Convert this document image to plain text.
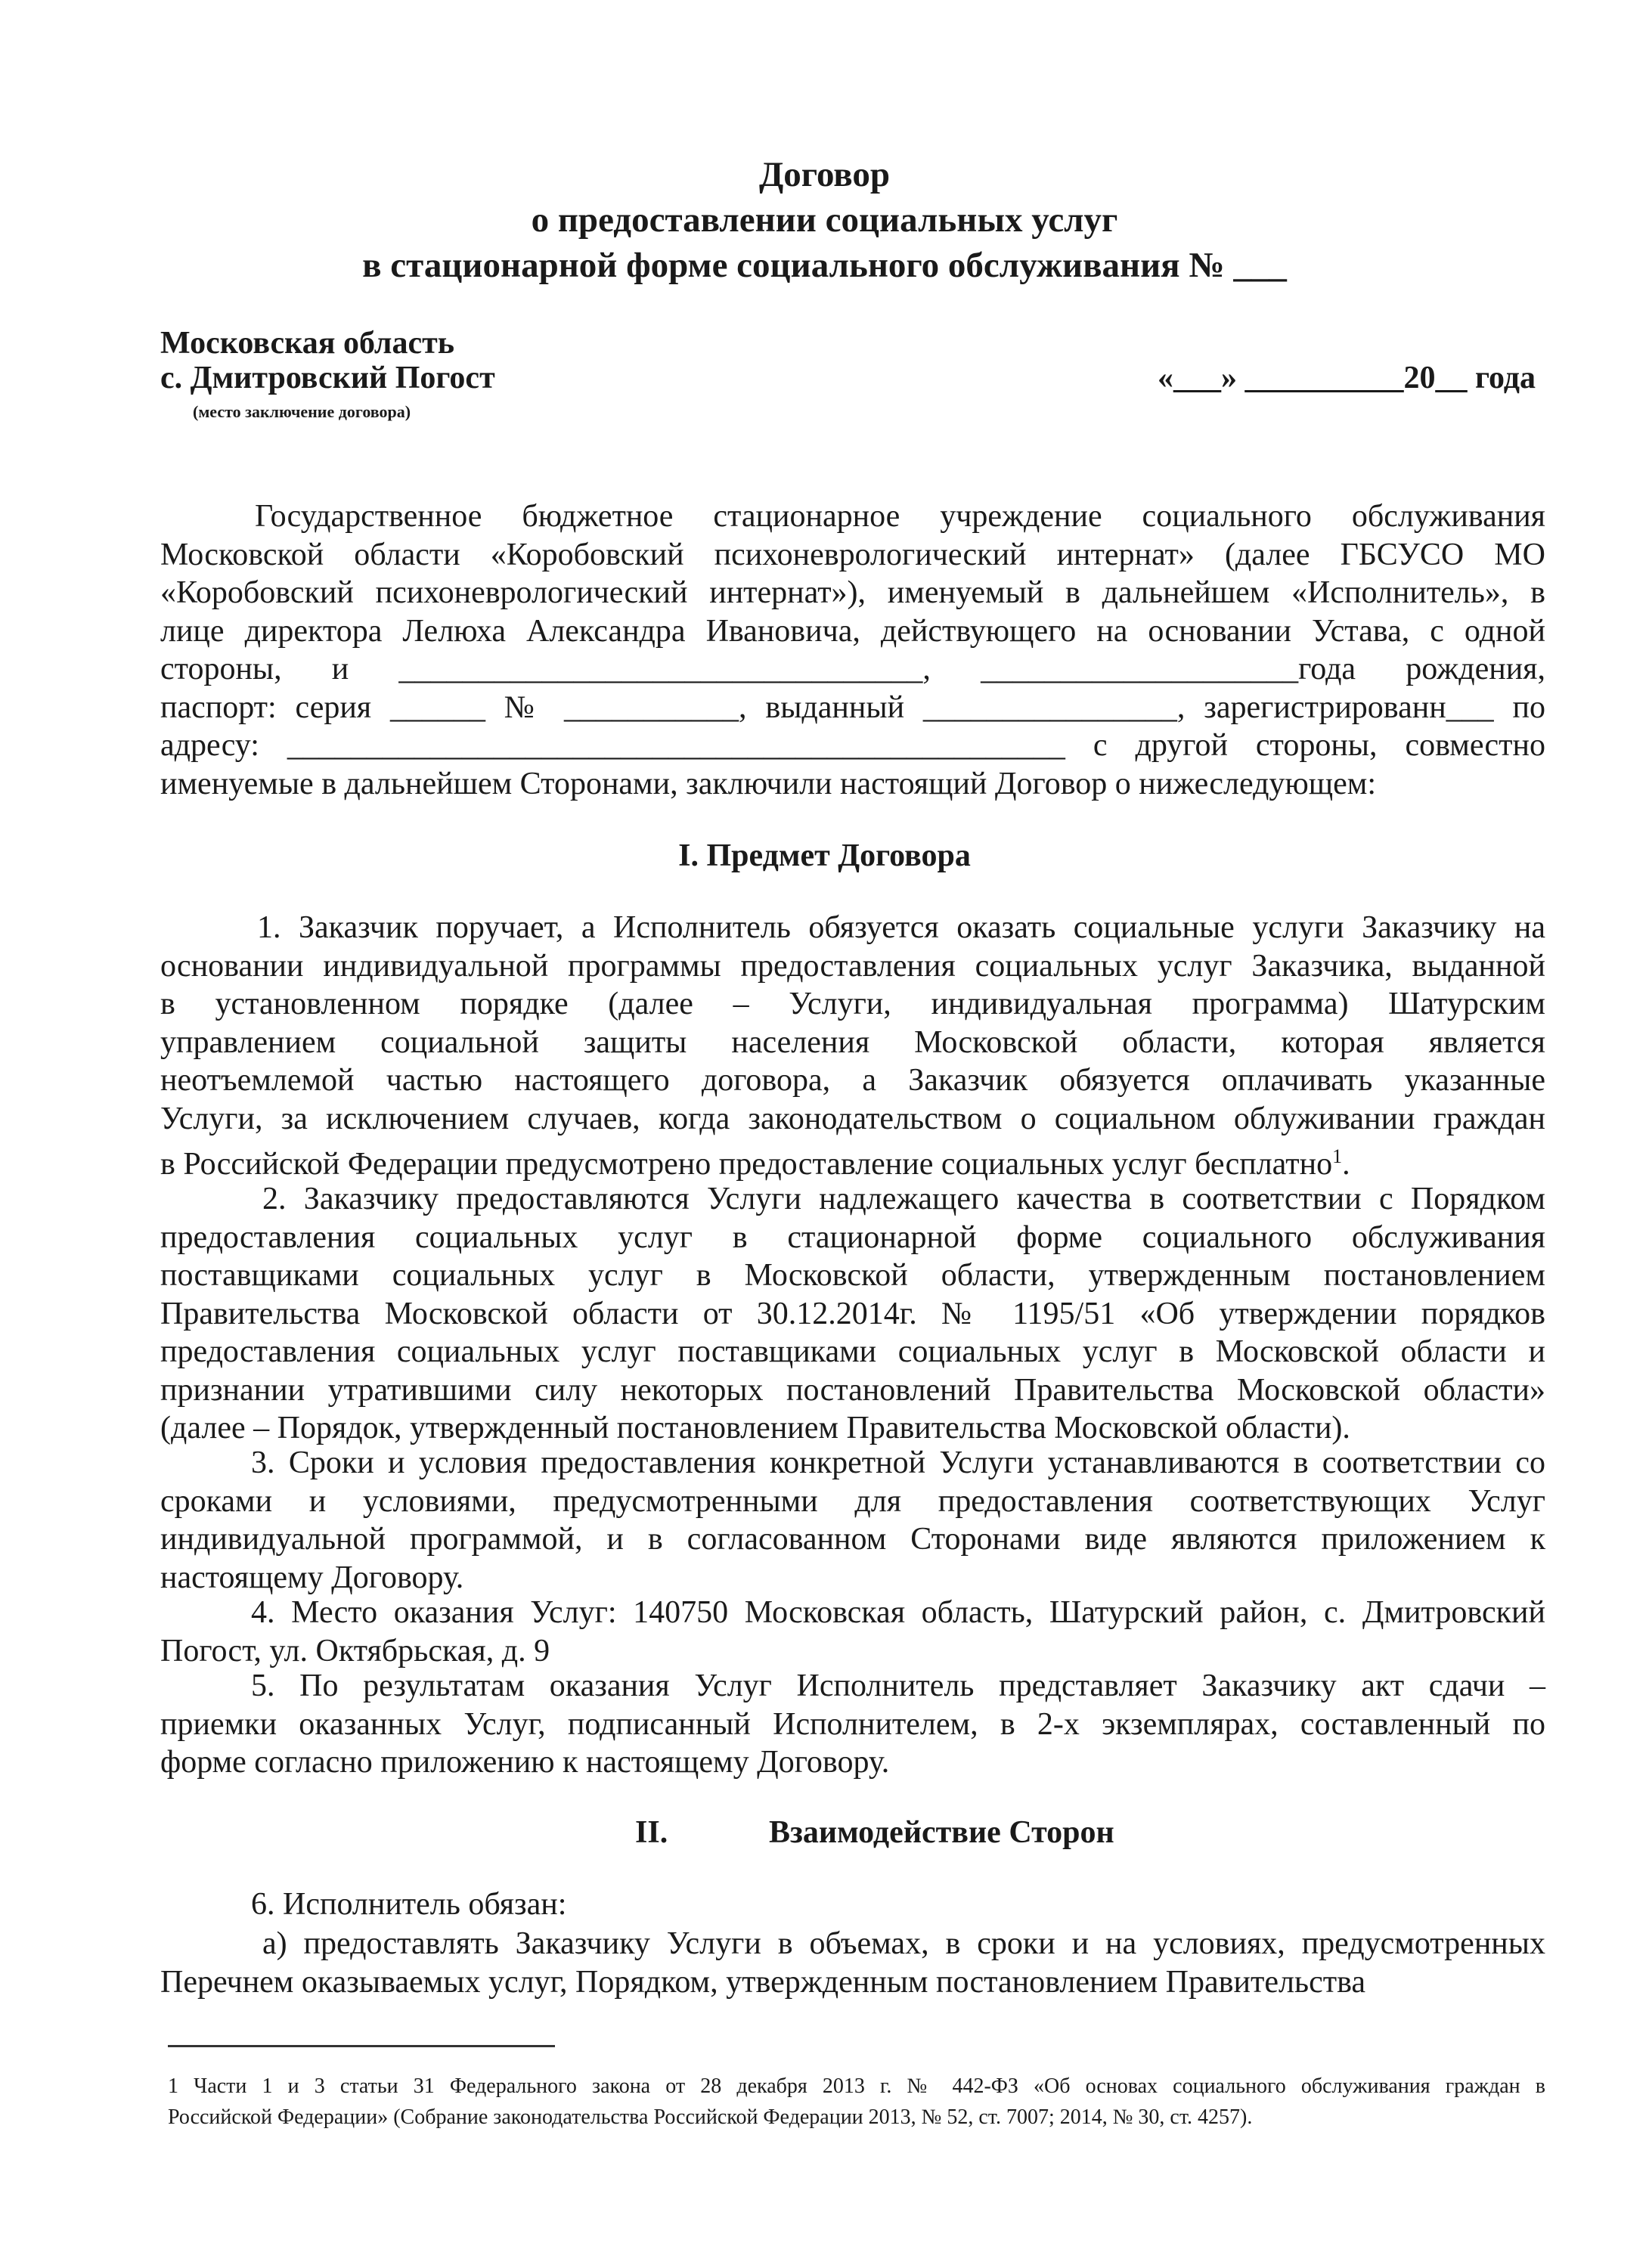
Договор
о предоставлении социальных услуг
в стационарной форме социального обслуживания № ___
Московская область
с. Дмитровский Погост	«___» __________20__ года
(место заключение договора)
Государственное бюджетное стационарное учреждение социального обслуживания
Московской области «Коробовский психоневрологический интернат» (далее ГБСУСО МО
«Коробовский психоневрологический интернат»), именуемый в дальнейшем «Исполнитель», в
лице директора Лелюха Александра Ивановича, действующего на основании Устава, с одной
стороны, и _________________________________, ____________________года рождения,
паспорт: серия ______ № ___________, выданный ________________, зарегистрированн___ по
адресу: _________________________________________________ с другой стороны, совместно
именуемые в дальнейшем Сторонами, заключили настоящий Договор о нижеследующем:
I. Предмет Договора
1. Заказчик поручает, а Исполнитель обязуется оказать социальные услуги Заказчику на
основании индивидуальной программы предоставления социальных услуг Заказчика, выданной
в установленном порядке (далее – Услуги, индивидуальная программа) Шатурским
управлением социальной защиты населения Московской области, которая является
неотъемлемой частью настоящего договора, а Заказчик обязуется оплачивать указанные
Услуги, за исключением случаев, когда законодательством о социальном облуживании граждан
в Российской Федерации предусмотрено предоставление социальных услуг бесплатно$^1$.
2. Заказчику предоставляются Услуги надлежащего качества в соответствии с Порядком
предоставления социальных услуг в стационарной форме социального обслуживания
поставщиками социальных услуг в Московской области, утвержденным постановлением
Правительства Московской области от 30.12.2014г. № 1195/51 «Об утверждении порядков
предоставления социальных услуг поставщиками социальных услуг в Московской области и
признании утратившими силу некоторых постановлений Правительства Московской области»
(далее – Порядок, утвержденный постановлением Правительства Московской области).
3. Сроки и условия предоставления конкретной Услуги устанавливаются в соответствии со
сроками и условиями, предусмотренными для предоставления соответствующих Услуг
индивидуальной программой, и в согласованном Сторонами виде являются приложением к
настоящему Договору.
4. Место оказания Услуг: 140750 Московская область, Шатурский район, с. Дмитровский
Погост, ул. Октябрьская, д. 9
5. По результатам оказания Услуг Исполнитель представляет Заказчику акт сдачи –
приемки оказанных Услуг, подписанный Исполнителем, в 2-х экземплярах, составленный по
форме согласно приложению к настоящему Договору.
II.	Взаимодействие Сторон
6. Исполнитель обязан:
а) предоставлять Заказчику Услуги в объемах, в сроки и на условиях, предусмотренных
Перечнем оказываемых услуг, Порядком, утвержденным постановлением Правительства
1 Части 1 и 3 статьи 31 Федерального закона от 28 декабря 2013 г. № 442-ФЗ «Об основах социального обслуживания граждан в
Российской Федерации» (Собрание законодательства Российской Федерации 2013, № 52, ст. 7007; 2014, № 30, ст. 4257).
